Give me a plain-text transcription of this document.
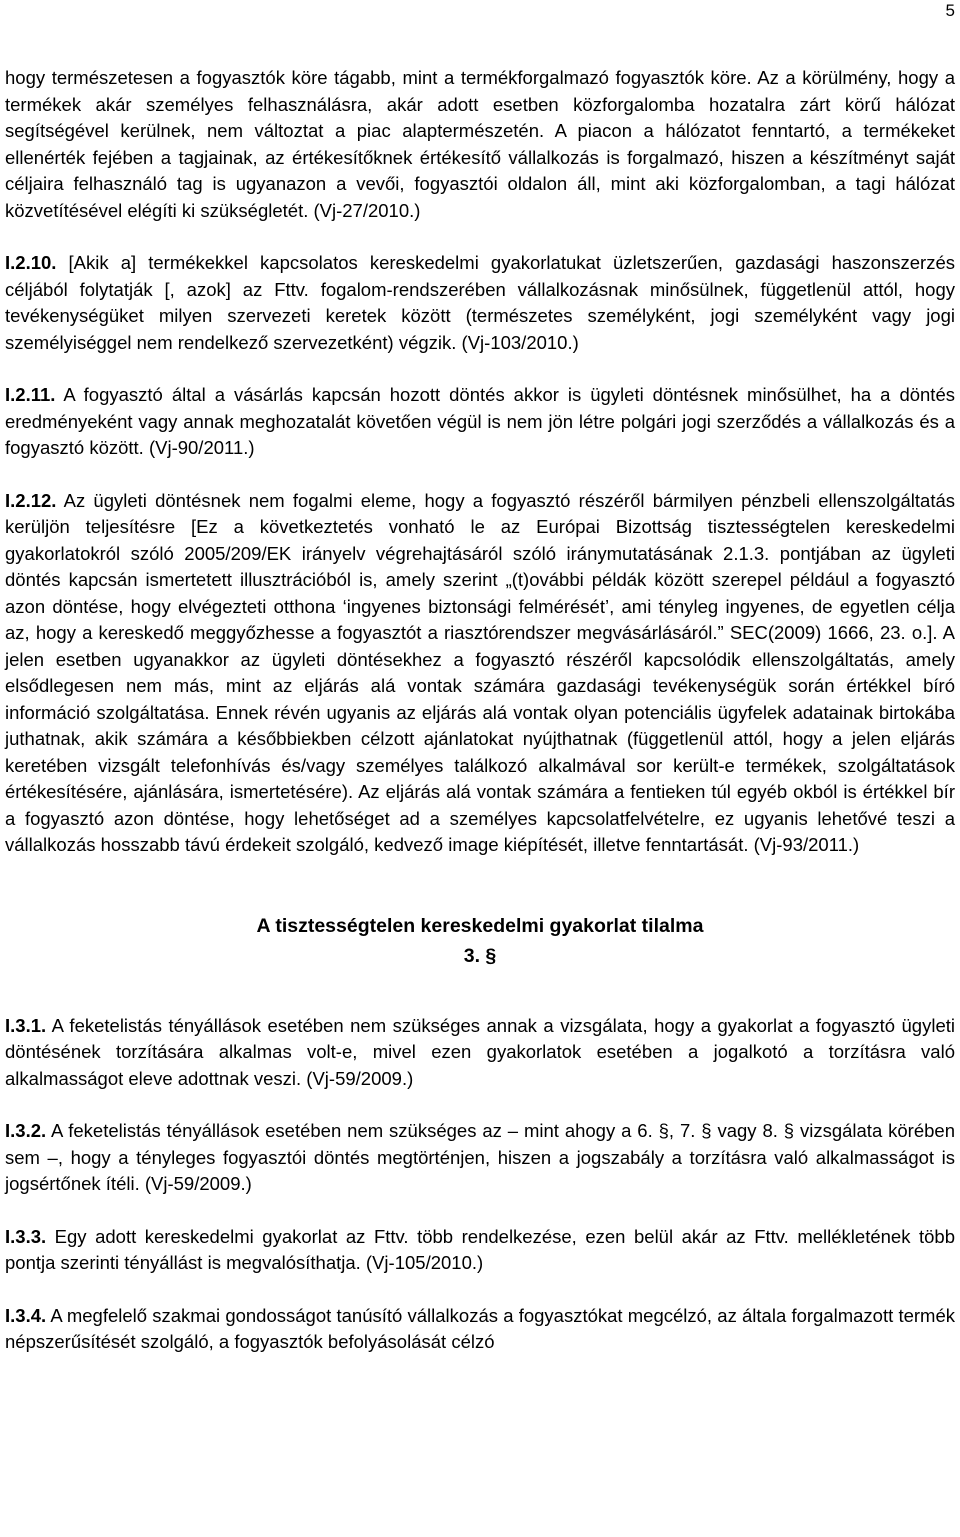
5

hogy természetesen a fogyasztók köre tágabb, mint a termékforgalmazó fogyasztók köre. Az a körülmény, hogy a termékek akár személyes felhasználásra, akár adott esetben közforgalomba hozatalra zárt körű hálózat segítségével kerülnek, nem változtat a piac alaptermészetén. A piacon a hálózatot fenntartó, a termékeket ellenérték fejében a tagjainak, az értékesítőknek értékesítő vállalkozás is forgalmazó, hiszen a készítményt saját céljaira felhasználó tag is ugyanazon a vevői, fogyasztói oldalon áll, mint aki közforgalomban, a tagi hálózat közvetítésével elégíti ki szükségletét. (Vj-27/2010.)

I.2.10. [Akik a] termékekkel kapcsolatos kereskedelmi gyakorlatukat üzletszerűen, gazdasági haszonszerzés céljából folytatják [, azok] az Fttv. fogalom-rendszerében vállalkozásnak minősülnek, függetlenül attól, hogy tevékenységüket milyen szervezeti keretek között (természetes személyként, jogi személyként vagy jogi személyiséggel nem rendelkező szervezetként) végzik. (Vj-103/2010.)

I.2.11. A fogyasztó által a vásárlás kapcsán hozott döntés akkor is ügyleti döntésnek minősülhet, ha a döntés eredményeként vagy annak meghozatalát követően végül is nem jön létre polgári jogi szerződés a vállalkozás és a fogyasztó között. (Vj-90/2011.)

I.2.12. Az ügyleti döntésnek nem fogalmi eleme, hogy a fogyasztó részéről bármilyen pénzbeli ellenszolgáltatás kerüljön teljesítésre [Ez a következtetés vonható le az Európai Bizottság tisztességtelen kereskedelmi gyakorlatokról szóló 2005/209/EK irányelv végrehajtásáról szóló iránymutatásának 2.1.3. pontjában az ügyleti döntés kapcsán ismertetett illusztrációból is, amely szerint „(t)ovábbi példák között szerepel például a fogyasztó azon döntése, hogy elvégezteti otthona ‘ingyenes biztonsági felmérését’, ami tényleg ingyenes, de egyetlen célja az, hogy a kereskedő meggyőzhesse a fogyasztót a riasztórendszer megvásárlásáról.” SEC(2009) 1666, 23. o.]. A jelen esetben ugyanakkor az ügyleti döntésekhez a fogyasztó részéről kapcsolódik ellenszolgáltatás, amely elsődlegesen nem más, mint az eljárás alá vontak számára gazdasági tevékenységük során értékkel bíró információ szolgáltatása. Ennek révén ugyanis az eljárás alá vontak olyan potenciális ügyfelek adatainak birtokába juthatnak, akik számára a későbbiekben célzott ajánlatokat nyújthatnak (függetlenül attól, hogy a jelen eljárás keretében vizsgált telefonhívás és/vagy személyes találkozó alkalmával sor került-e termékek, szolgáltatások értékesítésére, ajánlására, ismertetésére). Az eljárás alá vontak számára a fentieken túl egyéb okból is értékkel bír a fogyasztó azon döntése, hogy lehetőséget ad a személyes kapcsolatfelvételre, ez ugyanis lehetővé teszi a vállalkozás hosszabb távú érdekeit szolgáló, kedvező image kiépítését, illetve fenntartását. (Vj-93/2011.)

A tisztességtelen kereskedelmi gyakorlat tilalma

3. §

I.3.1. A feketelistás tényállások esetében nem szükséges annak a vizsgálata, hogy a gyakorlat a fogyasztó ügyleti döntésének torzítására alkalmas volt-e, mivel ezen gyakorlatok esetében a jogalkotó a torzításra való alkalmasságot eleve adottnak veszi. (Vj-59/2009.)

I.3.2. A feketelistás tényállások esetében nem szükséges az – mint ahogy a 6. §, 7. § vagy 8. § vizsgálata körében sem –, hogy a tényleges fogyasztói döntés megtörténjen, hiszen a jogszabály a torzításra való alkalmasságot is jogsértőnek ítéli. (Vj-59/2009.)

I.3.3. Egy adott kereskedelmi gyakorlat az Fttv. több rendelkezése, ezen belül akár az Fttv. mellékletének több pontja szerinti tényállást is megvalósíthatja. (Vj-105/2010.)

I.3.4. A megfelelő szakmai gondosságot tanúsító vállalkozás a fogyasztókat megcélzó, az általa forgalmazott termék népszerűsítését szolgáló, a fogyasztók befolyásolását célzó
